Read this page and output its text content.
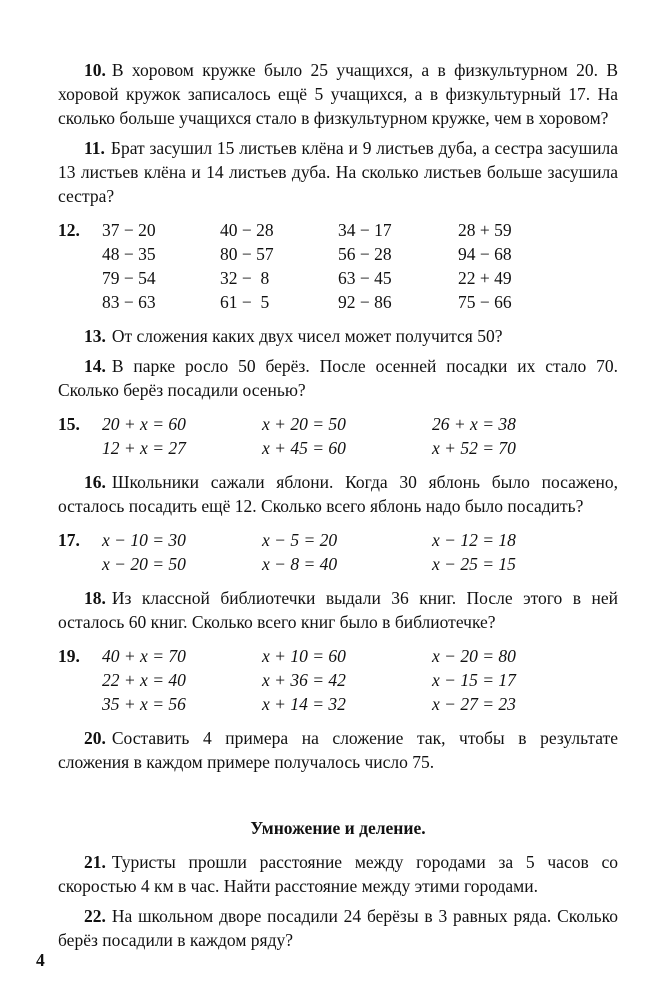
10. В хоровом кружке было 25 учащихся, а в физкультурном 20. В хоровой кружок записалось ещё 5 учащихся, а в физкультурный 17. На сколько больше учащихся стало в физкультурном кружке, чем в хоровом?

11. Брат засушил 15 листьев клёна и 9 листьев дуба, а сестра засушила 13 листьев клёна и 14 листьев дуба. На сколько листьев больше засушила сестра?

12.	37 − 20	40 − 28	34 − 17	28 + 59
48 − 35	80 − 57	56 − 28	94 − 68
79 − 54	32 −  8	63 − 45	22 + 49
83 − 63	61 −  5	92 − 86	75 − 66

13. От сложения каких двух чисел может получится 50?

14. В парке росло 50 берёз. После осенней посадки их стало 70. Сколько берёз посадили осенью?

15.	20 + x = 60	x + 20 = 50	26 + x = 38
12 + x = 27	x + 45 = 60	x + 52 = 70

16. Школьники сажали яблони. Когда 30 яблонь было посажено, осталось посадить ещё 12. Сколько всего яблонь надо было посадить?

17.	x − 10 = 30	x − 5 = 20	x − 12 = 18
x − 20 = 50	x − 8 = 40	x − 25 = 15

18. Из классной библиотечки выдали 36 книг. После этого в ней осталось 60 книг. Сколько всего книг было в библиотечке?

19.	40 + x = 70	x + 10 = 60	x − 20 = 80
22 + x = 40	x + 36 = 42	x − 15 = 17
35 + x = 56	x + 14 = 32	x − 27 = 23

20. Составить 4 примера на сложение так, чтобы в результате сложения в каждом примере получалось число 75.

Умножение и деление.

21. Туристы прошли расстояние между городами за 5 часов со скоростью 4 км в час. Найти расстояние между этими городами.

22. На школьном дворе посадили 24 берёзы в 3 равных ряда. Сколько берёз посадили в каждом ряду?

4
